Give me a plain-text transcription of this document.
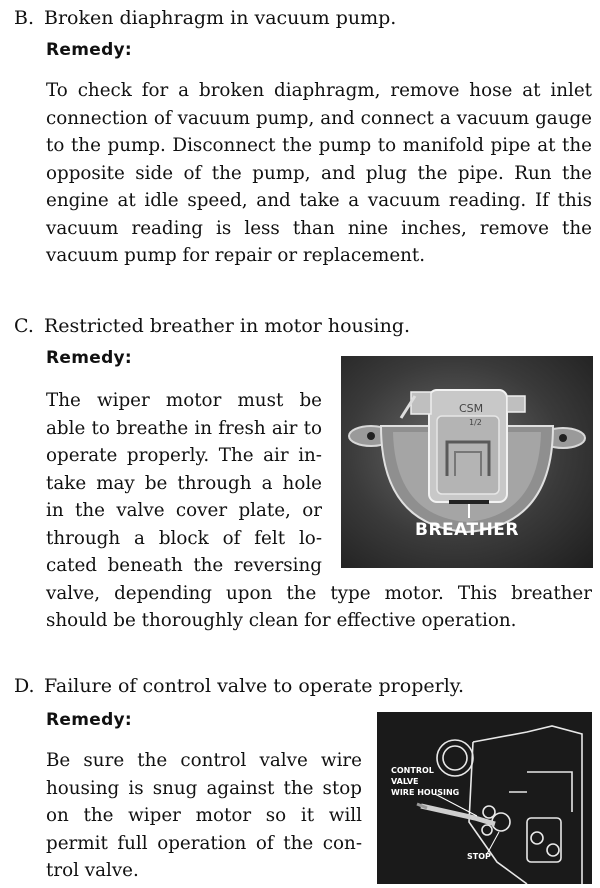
B. Broken diaphragm in vacuum pump.
Remedy:
To check for a broken diaphragm, remove hose at inlet
connection of vacuum pump, and connect a vacuum gauge
to the pump. Disconnect the pump to manifold pipe at the
opposite side of the pump, and plug the pipe. Run the
engine at idle speed, and take a vacuum reading. If this
vacuum reading is less than nine inches, remove the
vacuum pump for repair or replacement.
C. Restricted breather in motor housing.
Remedy:
The wiper motor must be
able to breathe in fresh air to
operate properly. The air in-
take may be through a hole
in the valve cover plate, or
through a block of felt lo-
cated beneath the reversing
valve, depending upon the type motor. This breather
should be thoroughly clean for effective operation.
CSM
1/2
BREATHER
D. Failure of control valve to operate properly.
Remedy:
Be sure the control valve wire
housing is snug against the stop
on the wiper motor so it will
permit full operation of the con-
trol valve.
CONTROL
VALVE
WIRE HOUSING
STOP
